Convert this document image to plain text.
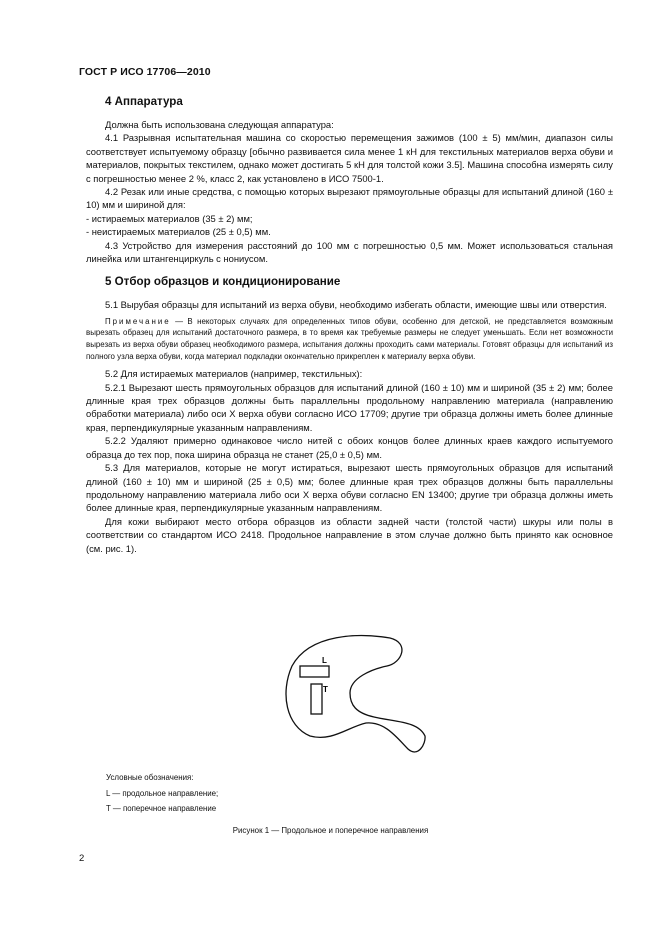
ГОСТ Р ИСО 17706—2010
4 Аппаратура

Должна быть использована следующая аппаратура:

4.1 Разрывная испытательная машина со скоростью перемещения зажимов (100 ± 5) мм/мин, диапазон силы соответствует испытуемому образцу [обычно развивается сила менее 1 кН для текстильных материалов верха обуви и материалов, покрытых текстилем, однако может достигать 5 кН для толстой кожи 3.5]. Машина способна измерять силу с погрешностью менее 2 %, класс 2, как установлено в ИСО 7500-1.

4.2 Резак или иные средства, с помощью которых вырезают прямоугольные образцы для испытаний длиной (160 ± 10) мм и шириной для:

- истираемых материалов (35 ± 2) мм;

- неистираемых материалов (25 ± 0,5) мм.

4.3 Устройство для измерения расстояний до 100 мм с погрешностью 0,5 мм. Может использоваться стальная линейка или штангенциркуль с нониусом.

5 Отбор образцов и кондиционирование

5.1 Вырубая образцы для испытаний из верха обуви, необходимо избегать области, имеющие швы или отверстия.

Примечание — В некоторых случаях для определенных типов обуви, особенно для детской, не представляется возможным вырезать образец для испытаний достаточного размера, в то время как требуемые размеры не следует уменьшать. Если нет возможности вырезать из верха обуви образец необходимого размера, испытания должны проходить сами материалы. Готовят образцы для испытаний из полного узла верха обуви, когда материал подкладки окончательно прикреплен к материалу верха обуви.

5.2 Для истираемых материалов (например, текстильных):

5.2.1 Вырезают шесть прямоугольных образцов для испытаний длиной (160 ± 10) мм и шириной (35 ± 2) мм; более длинные края трех образцов должны быть параллельны продольному направлению материала (направлению обработки материала) либо оси X верха обуви согласно ИСО 17709; другие три образца должны иметь более длинные края, перпендикулярные указанным направлениям.

5.2.2 Удаляют примерно одинаковое число нитей с обоих концов более длинных краев каждого испытуемого образца до тех пор, пока ширина образца не станет (25,0 ± 0,5) мм.

5.3 Для материалов, которые не могут истираться, вырезают шесть прямоугольных образцов для испытаний длиной (160 ± 10) мм и шириной (25 ± 0,5) мм; более длинные края трех образцов должны быть параллельны продольному направлению материала либо оси X верха обуви согласно EN 13400; другие три образца должны иметь более длинные края, перпендикулярные указанным направлениям.

Для кожи выбирают место отбора образцов из области задней части (толстой части) шкуры или полы в соответствии со стандартом ИСО 2418. Продольное направление в этом случае должно быть принято как основное (см. рис. 1).

L
T
Условные обозначения:
L — продольное направление;
T — поперечное направление
Рисунок 1 — Продольное и поперечное направления
2
